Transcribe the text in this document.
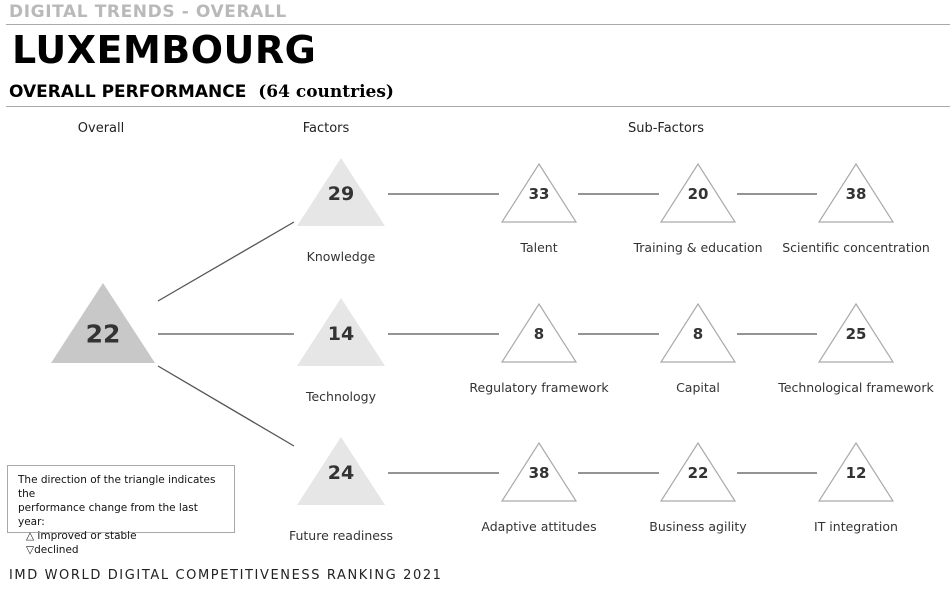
DIGITAL TRENDS - OVERALL
LUXEMBOURG
OVERALL PERFORMANCE (64 countries)
Overall	Factors	Sub-Factors
22
29
Knowledge
33
Talent
20
Training & education
38
Scientific concentration
14
Technology
8
Regulatory framework
8
Capital
25
Technological framework
24
Future readiness
38
Adaptive attitudes
22
Business agility
12
IT integration
The direction of the triangle indicates the
performance change from the last year:
△ improved or stable
▽declined
IMD WORLD DIGITAL COMPETITIVENESS RANKING 2021
